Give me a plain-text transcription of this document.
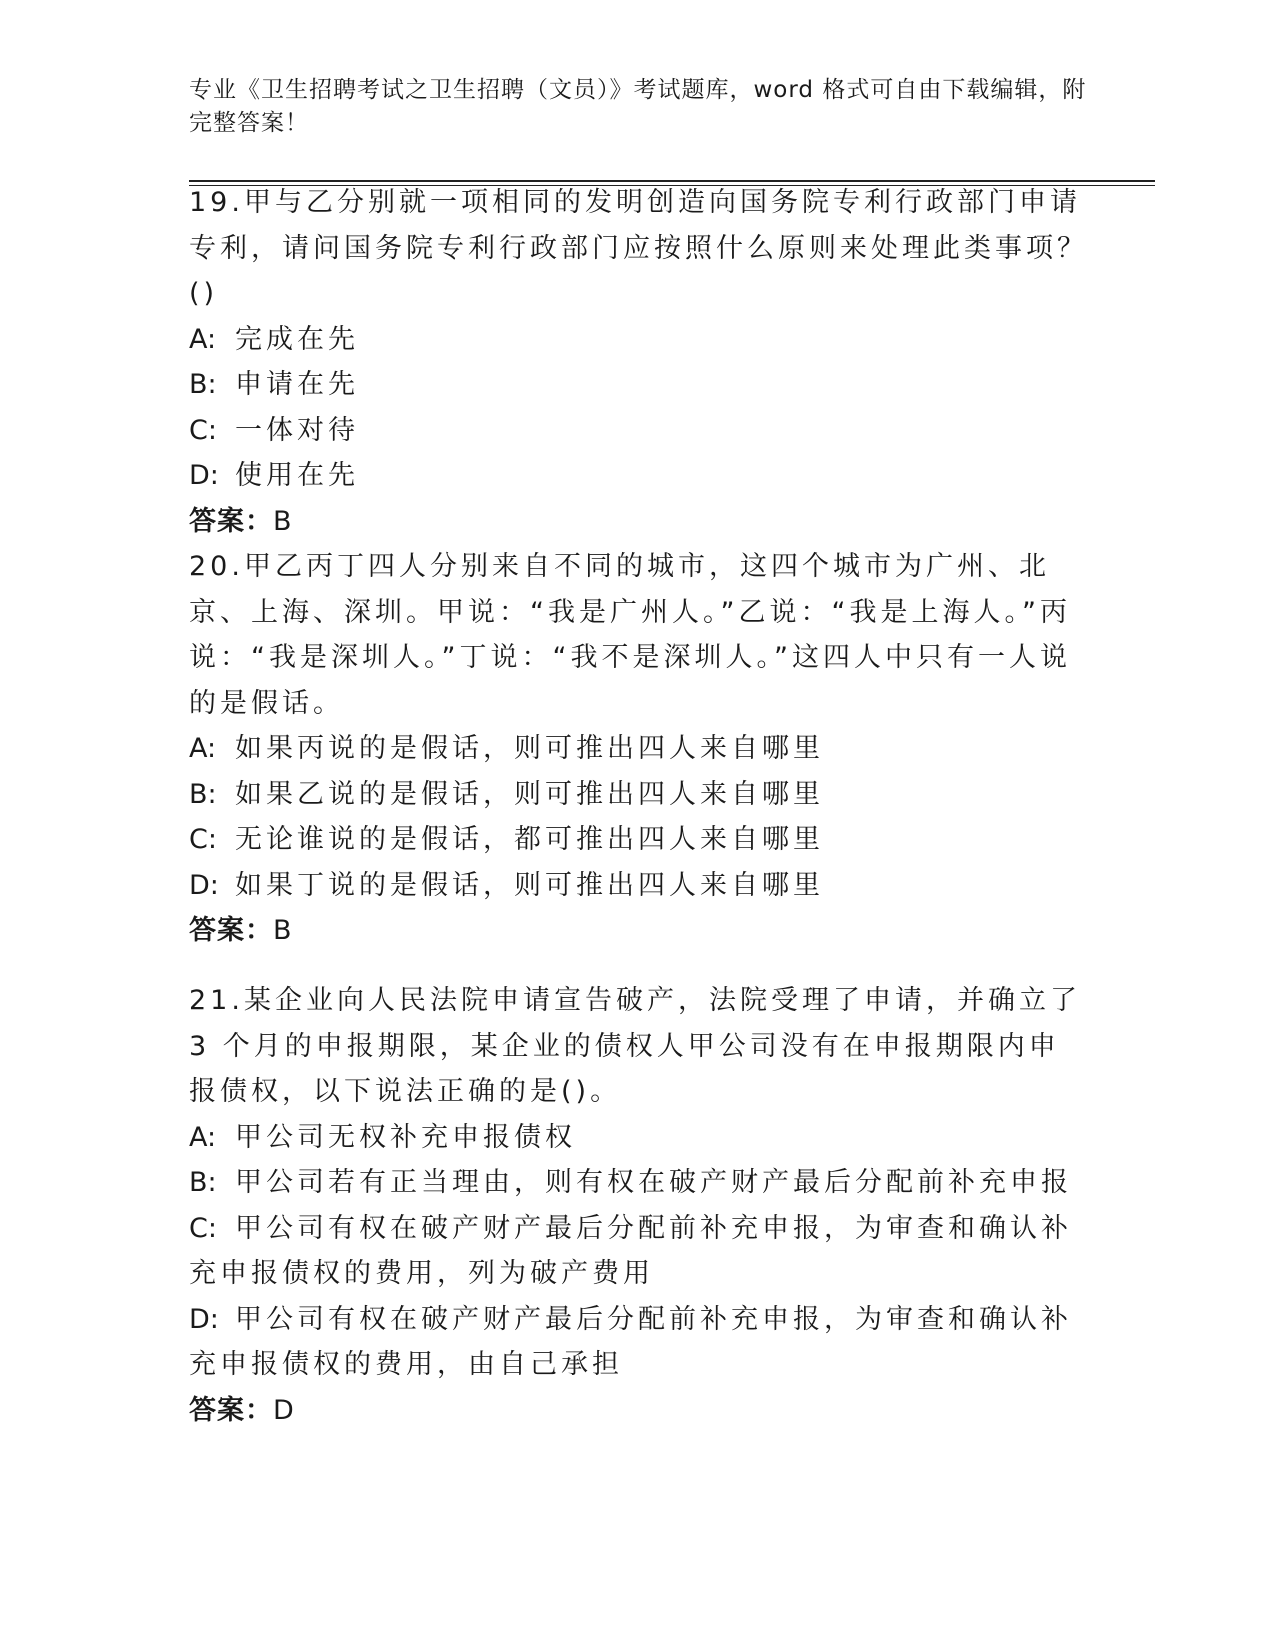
专业《卫生招聘考试之卫生招聘（文员）》考试题库，word 格式可自由下载编辑，附完整答案！

19.甲与乙分别就一项相同的发明创造向国务院专利行政部门申请专利，请问国务院专利行政部门应按照什么原则来处理此类事项？()

A: 完成在先

B: 申请在先

C: 一体对待

D: 使用在先

答案：B

20.甲乙丙丁四人分别来自不同的城市，这四个城市为广州、北京、上海、深圳。甲说：“我是广州人。”乙说：“我是上海人。”丙说：“我是深圳人。”丁说：“我不是深圳人。”这四人中只有一人说的是假话。

A: 如果丙说的是假话，则可推出四人来自哪里

B: 如果乙说的是假话，则可推出四人来自哪里

C: 无论谁说的是假话，都可推出四人来自哪里

D: 如果丁说的是假话，则可推出四人来自哪里

答案：B

21.某企业向人民法院申请宣告破产，法院受理了申请，并确立了 3 个月的申报期限，某企业的债权人甲公司没有在申报期限内申报债权，以下说法正确的是()。

A: 甲公司无权补充申报债权

B: 甲公司若有正当理由，则有权在破产财产最后分配前补充申报

C: 甲公司有权在破产财产最后分配前补充申报，为审查和确认补充申报债权的费用，列为破产费用

D: 甲公司有权在破产财产最后分配前补充申报，为审查和确认补充申报债权的费用，由自己承担

答案：D
